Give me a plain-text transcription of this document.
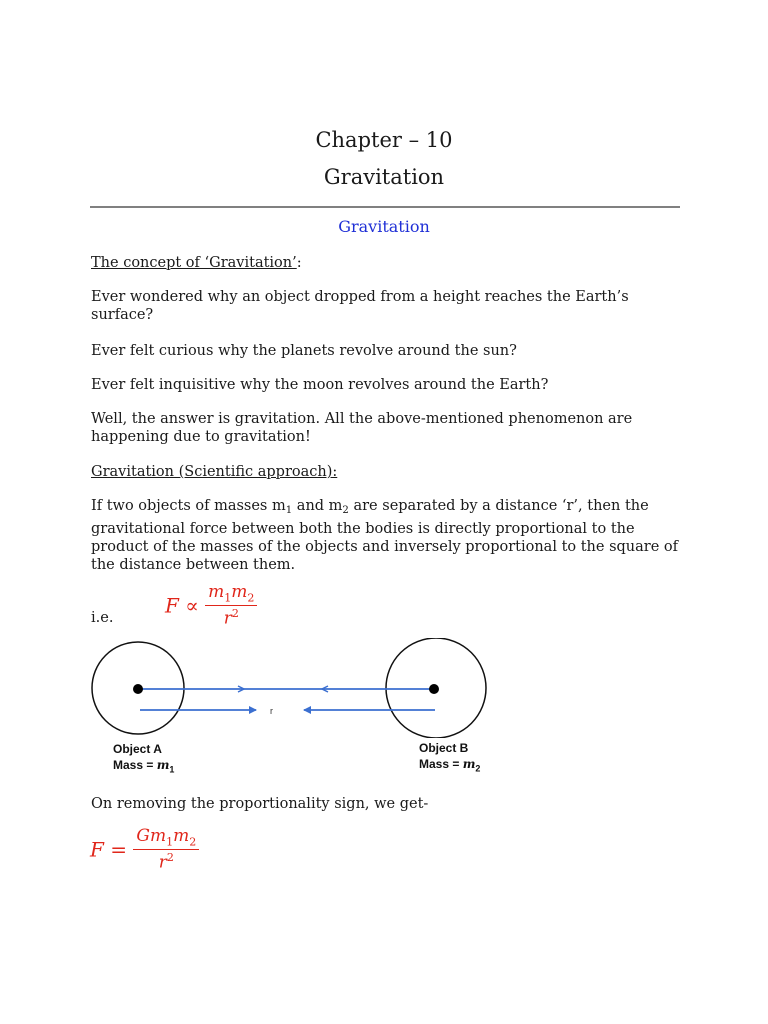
Chapter – 10
Gravitation
Gravitation
The concept of ‘Gravitation’:
Ever wondered why an object dropped from a height reaches the Earth’s surface?
Ever felt curious why the planets revolve around the sun?
Ever felt inquisitive why the moon revolves around the Earth?
Well, the answer is gravitation. All the above-mentioned phenomenon are happening due to gravitation!
Gravitation (Scientific approach):
If two objects of masses $m_1$ and $m_2$ are separated by a distance ‘r’, then the gravitational force between both the bodies is directly proportional to the product of the masses of the objects and inversely proportional to the square of the distance between them.
i.e.
$F \propto \frac{m_1m_2}{r^2}$
r
Object A
Mass = $m_1$
Object B
Mass = $m_2$
On removing the proportionality sign, we get-
$F = \frac{Gm_1m_2}{r^2}$
